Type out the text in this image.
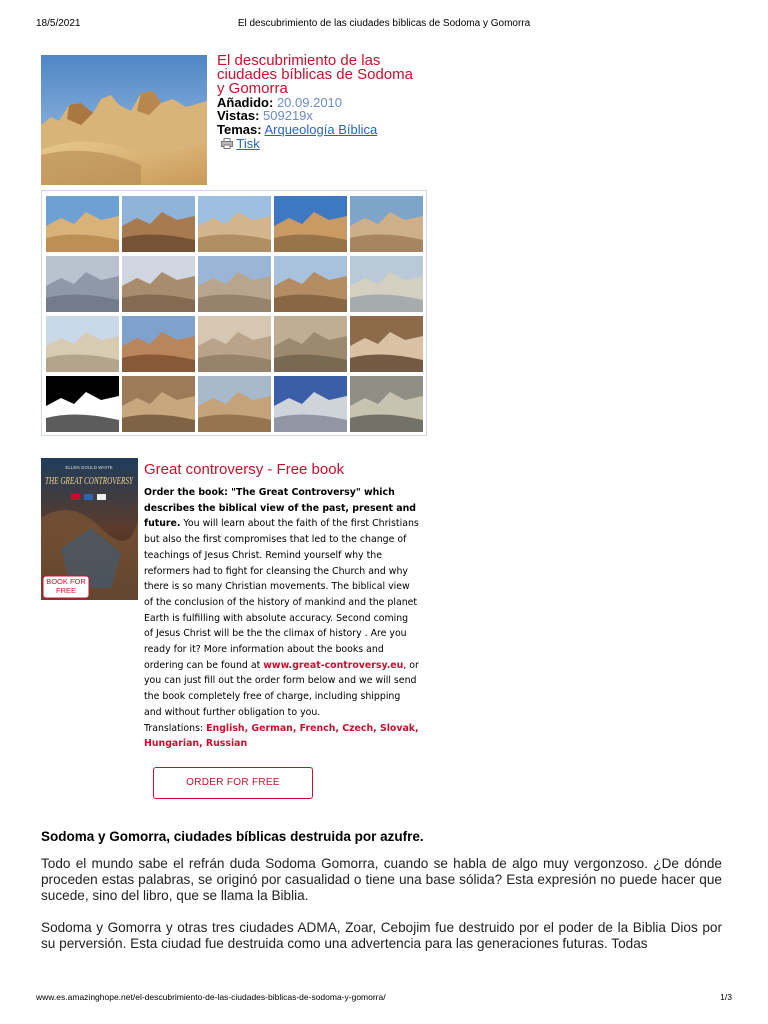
18/5/2021	El descubrimiento de las ciudades bíblicas de Sodoma y Gomorra
El descubrimiento de las ciudades bíblicas de Sodoma y Gomorra
Añadido: 20.09.2010
Vistas: 509219x
Temas: Arqueología Bíblica
Tisk
ELLEN GOULD WHITE
THE GREAT CONTROVERSY
BOOK FOR FREE
Great controversy - Free book
Order the book: "The Great Controversy" which describes the biblical view of the past, present and future. You will learn about the faith of the first Christians but also the first compromises that led to the change of teachings of Jesus Christ. Remind yourself why the reformers had to fight for cleansing the Church and why there is so many Christian movements. The biblical view of the conclusion of the history of mankind and the planet Earth is fulfilling with absolute accuracy. Second coming of Jesus Christ will be the the climax of history . Are you ready for it? More information about the books and ordering can be found at www.great-controversy.eu, or you can just fill out the order form below and we will send the book completely free of charge, including shipping and without further obligation to you.
Translations: English, German, French, Czech, Slovak, Hungarian, Russian
ORDER FOR FREE
Sodoma y Gomorra, ciudades bíblicas destruida por azufre.
Todo el mundo sabe el refrán duda Sodoma Gomorra, cuando se habla de algo muy vergonzoso. ¿De dónde proceden estas palabras, se originó por casualidad o tiene una base sólida? Esta expresión no puede hacer que sucede, sino del libro, que se llama la Biblia.
Sodoma y Gomorra y otras tres ciudades ADMA, Zoar, Cebojim fue destruido por el poder de la Biblia Dios por su perversión. Esta ciudad fue destruida como una advertencia para las generaciones futuras. Todas
www.es.amazinghope.net/el-descubrimiento-de-las-ciudades-biblicas-de-sodoma-y-gomorra/	1/3
